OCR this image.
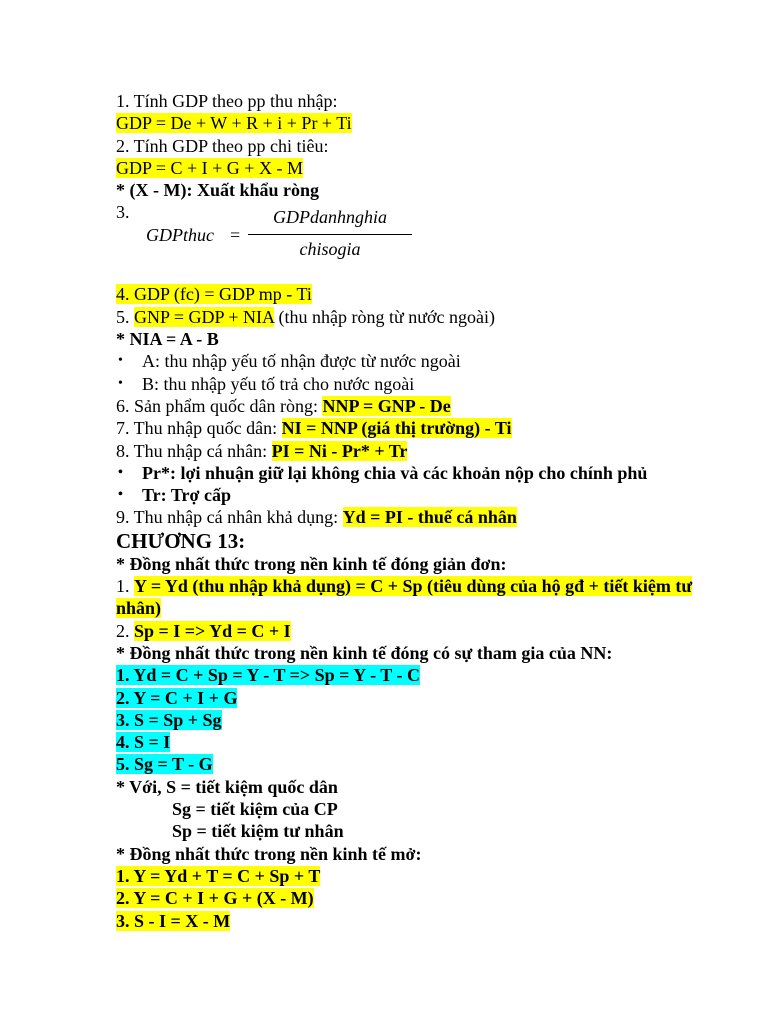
1. Tính GDP theo pp thu nhập:
GDP = De + W + R + i + Pr + Ti
2. Tính GDP theo pp chi tiêu:
GDP = C + I + G + X - M
* (X - M): Xuất khẩu ròng
3.
GDPthuc =
GDPdanhnghia
chisogia
4. GDP (fc) = GDP mp - Ti
5. GNP = GDP + NIA (thu nhập ròng từ nước ngoài)
* NIA = A - B
• A: thu nhập yếu tố nhận được từ nước ngoài
• B: thu nhập yếu tố trả cho nước ngoài
6. Sản phẩm quốc dân ròng: NNP = GNP - De
7. Thu nhập quốc dân: NI = NNP (giá thị trường) - Ti
8. Thu nhập cá nhân: PI = Ni - Pr* + Tr
• Pr*: lợi nhuận giữ lại không chia và các khoản nộp cho chính phủ
• Tr: Trợ cấp
9. Thu nhập cá nhân khả dụng: Yd = PI - thuế cá nhân
CHƯƠNG 13:
* Đồng nhất thức trong nền kinh tế đóng giản đơn:
1. Y = Yd (thu nhập khả dụng) = C + Sp (tiêu dùng của hộ gđ + tiết kiệm tư nhân)
2. Sp = I => Yd = C + I
* Đồng nhất thức trong nền kinh tế đóng có sự tham gia của NN:
1. Yd = C + Sp = Y - T => Sp = Y - T - C
2. Y = C + I + G
3. S = Sp + Sg
4. S = I
5. Sg = T - G
* Với, S = tiết kiệm quốc dân
Sg = tiết kiệm của CP
Sp = tiết kiệm tư nhân
* Đồng nhất thức trong nền kinh tế mở:
1. Y = Yd + T = C + Sp + T
2. Y = C + I + G + (X - M)
3. S - I = X - M
